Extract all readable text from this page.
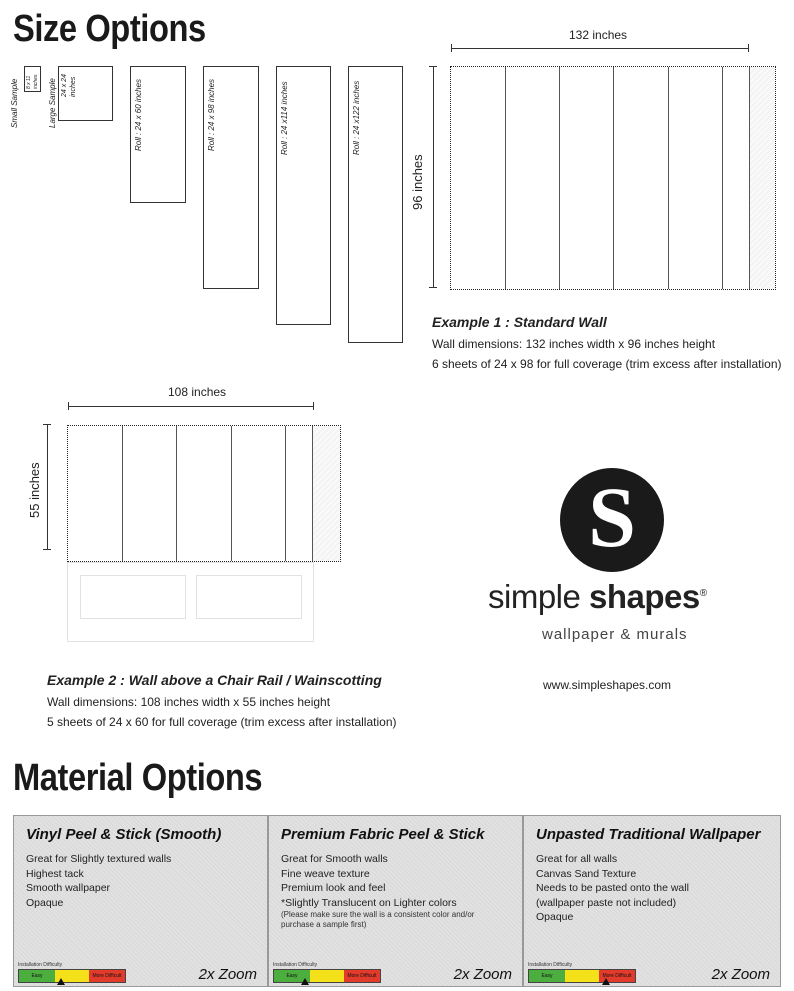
Size Options
8 x 11 inches
Small Sample	24 x 24 inches
Large Sample	Roll : 24 x 60 inches	Roll : 24 x 98 inches	Roll : 24 x114 inches	Roll : 24 x122 inches
132 inches
96 inches
Example 1 : Standard Wall
Wall dimensions: 132 inches width x 96 inches height
6 sheets of 24 x 98 for full coverage (trim excess after installation)
108 inches
55 inches
Example 2 : Wall above a Chair Rail / Wainscotting
Wall dimensions: 108 inches width x 55 inches height
5 sheets of 24 x 60 for full coverage (trim excess after installation)
S
simple shapes®
wallpaper & murals
www.simpleshapes.com
Material Options
Vinyl Peel & Stick (Smooth)
Great for Slightly textured walls
Highest tack
Smooth wallpaper
Opaque
Installation Difficulty
Easy	More Difficult	2x Zoom
Premium Fabric Peel & Stick
Great for Smooth walls
Fine weave texture
Premium look and feel
*Slightly Translucent on Lighter colors
(Please make sure the wall is a consistent color and/or purchase a sample first)
Installation Difficulty
Easy	More Difficult	2x Zoom
Unpasted Traditional Wallpaper
Great for all walls
Canvas Sand Texture
Needs to be pasted onto the wall
(wallpaper paste not included)
Opaque
Installation Difficulty
Easy	More Difficult	2x Zoom
